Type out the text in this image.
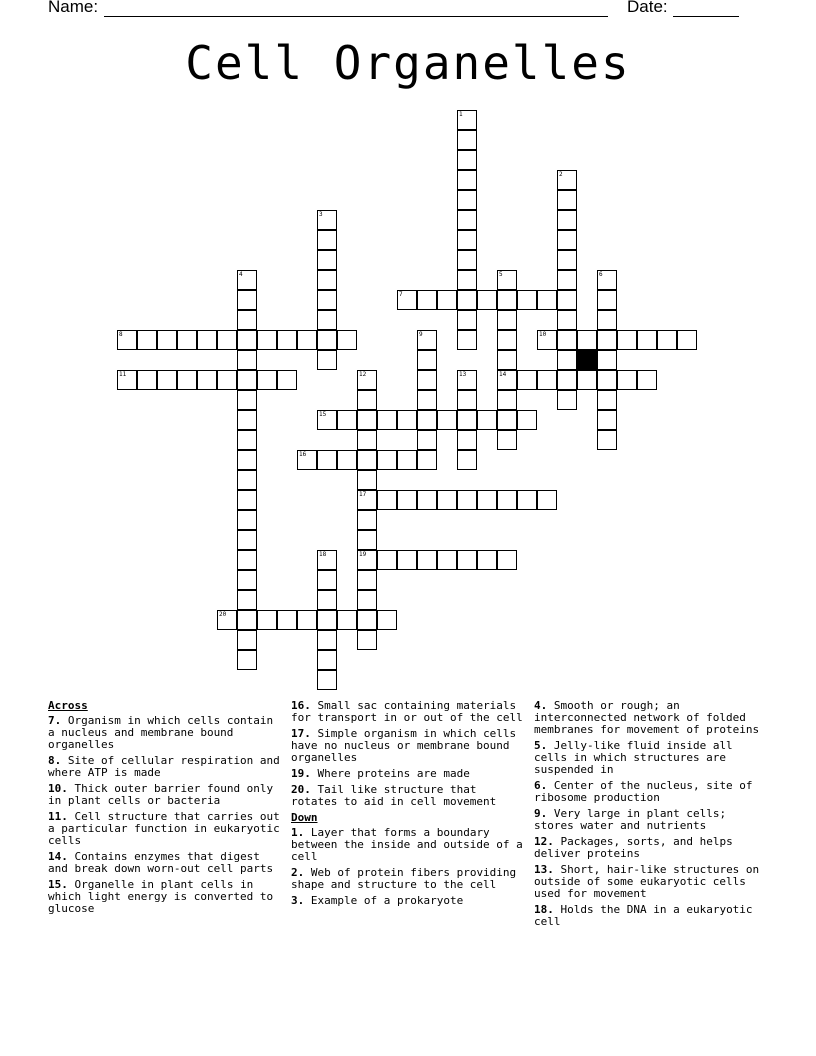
Name:	Date:
Cell Organelles
1
2
3
4	5	6
7
8	9	10
11	12	13
15
16
18
20
14
17
19
Across
7. Organism in which cells contain a nucleus and membrane bound organelles
8. Site of cellular respiration and where ATP is made
10. Thick outer barrier found only in plant cells or bacteria
11. Cell structure that carries out a particular function in eukaryotic cells
14. Contains enzymes that digest and break down worn-out cell parts
15. Organelle in plant cells in which light energy is converted to glucose
16. Small sac containing materials for transport in or out of the cell
17. Simple organism in which cells have no nucleus or membrane bound organelles
19. Where proteins are made
20. Tail like structure that rotates to aid in cell movement
Down
1. Layer that forms a boundary between the inside and outside of a cell
2. Web of protein fibers providing shape and structure to the cell
3. Example of a prokaryote
4. Smooth or rough; an interconnected network of folded membranes for movement of proteins
5. Jelly-like fluid inside all cells in which structures are suspended in
6. Center of the nucleus, site of ribosome production
9. Very large in plant cells; stores water and nutrients
12. Packages, sorts, and helps deliver proteins
13. Short, hair-like structures on outside of some eukaryotic cells used for movement
18. Holds the DNA in a eukaryotic cell
